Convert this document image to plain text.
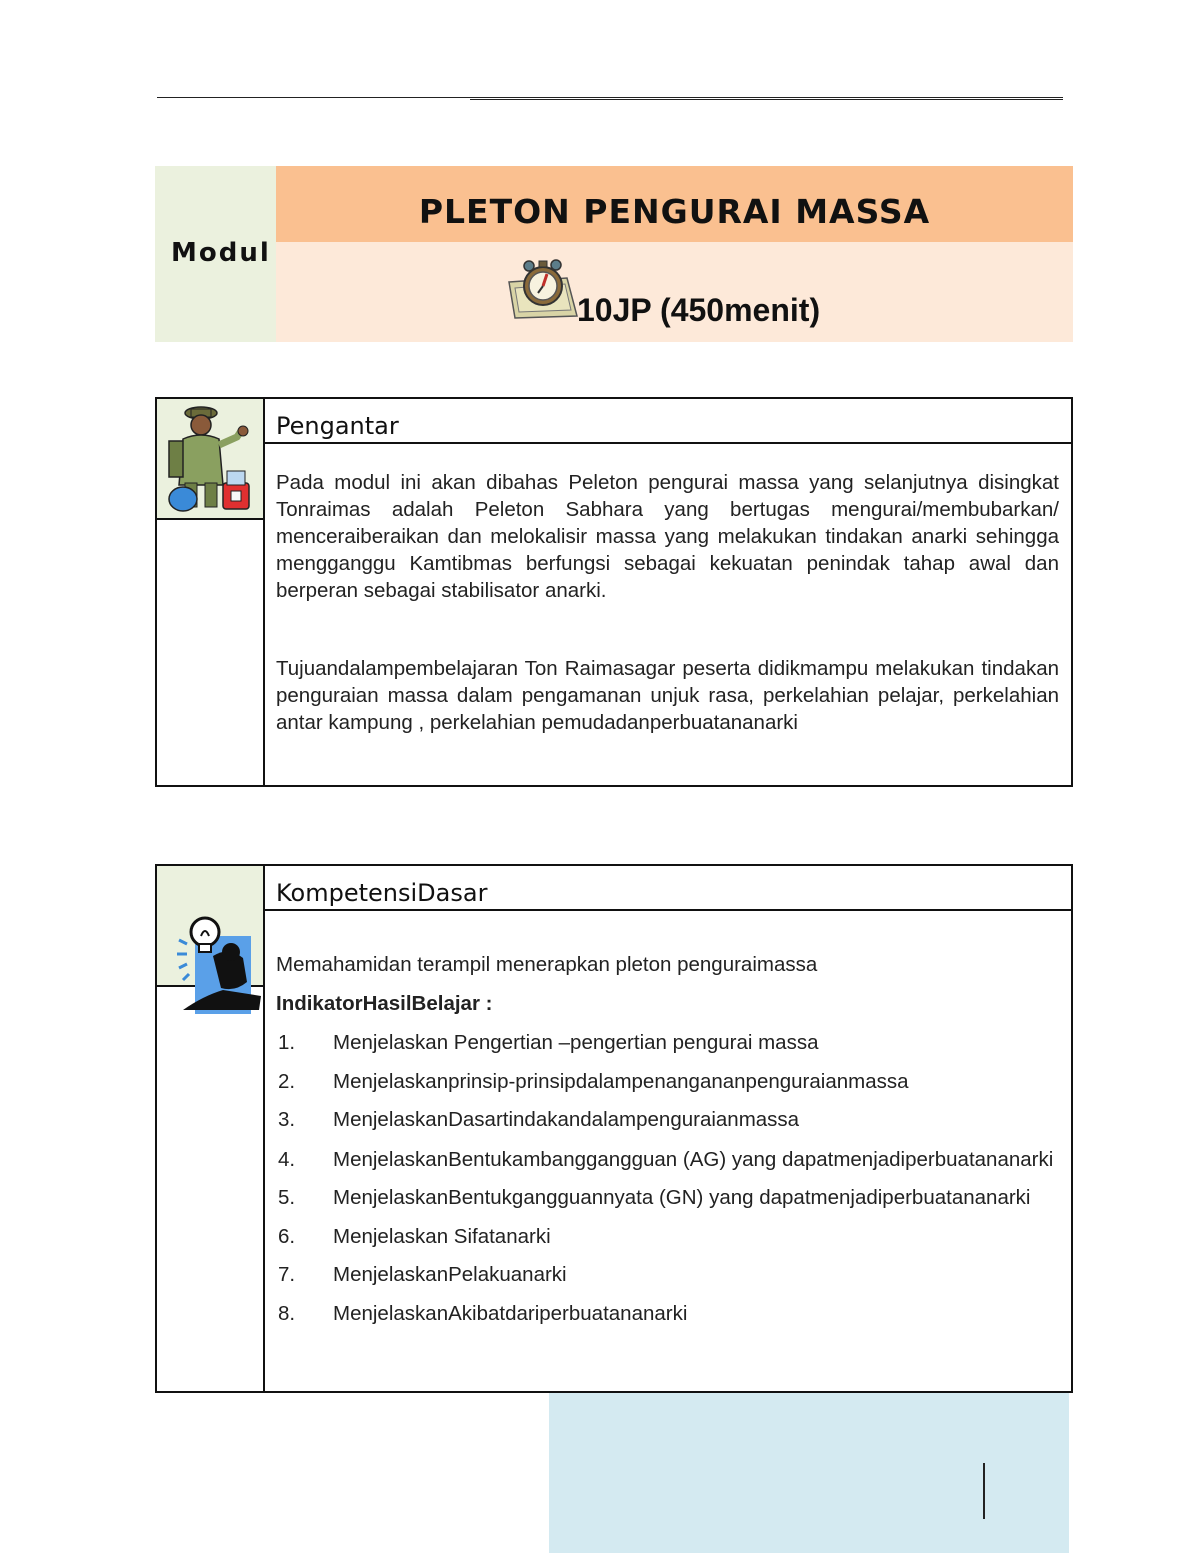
Modul
PLETON PENGURAI MASSA
10JP (450menit)
Pengantar
Pada modul ini akan dibahas Peleton pengurai massa yang selanjutnya disingkat Tonraimas adalah Peleton Sabhara yang bertugas mengurai/membubarkan/ menceraiberaikan dan melokalisir massa yang melakukan tindakan anarki sehingga mengganggu Kamtibmas berfungsi sebagai kekuatan penindak tahap awal dan berperan sebagai stabilisator anarki.
Tujuandalampembelajaran Ton Raimasagar peserta didikmampu melakukan tindakan penguraian massa dalam pengamanan unjuk rasa, perkelahian pelajar, perkelahian antar kampung , perkelahian pemudadanperbuatananarki
KompetensiDasar
Memahamidan terampil menerapkan pleton penguraimassa
IndikatorHasilBelajar :
1. Menjelaskan Pengertian –pengertian pengurai massa
2. Menjelaskanprinsip-prinsipdalampenangananpenguraianmassa
3. MenjelaskanDasartindakandalampenguraianmassa
4. MenjelaskanBentukambanggangguan (AG) yang dapatmenjadiperbuatananarki
5. MenjelaskanBentukgangguannyata (GN) yang dapatmenjadiperbuatananarki
6. Menjelaskan Sifatanarki
7. MenjelaskanPelakuanarki
8. MenjelaskanAkibatdariperbuatananarki
